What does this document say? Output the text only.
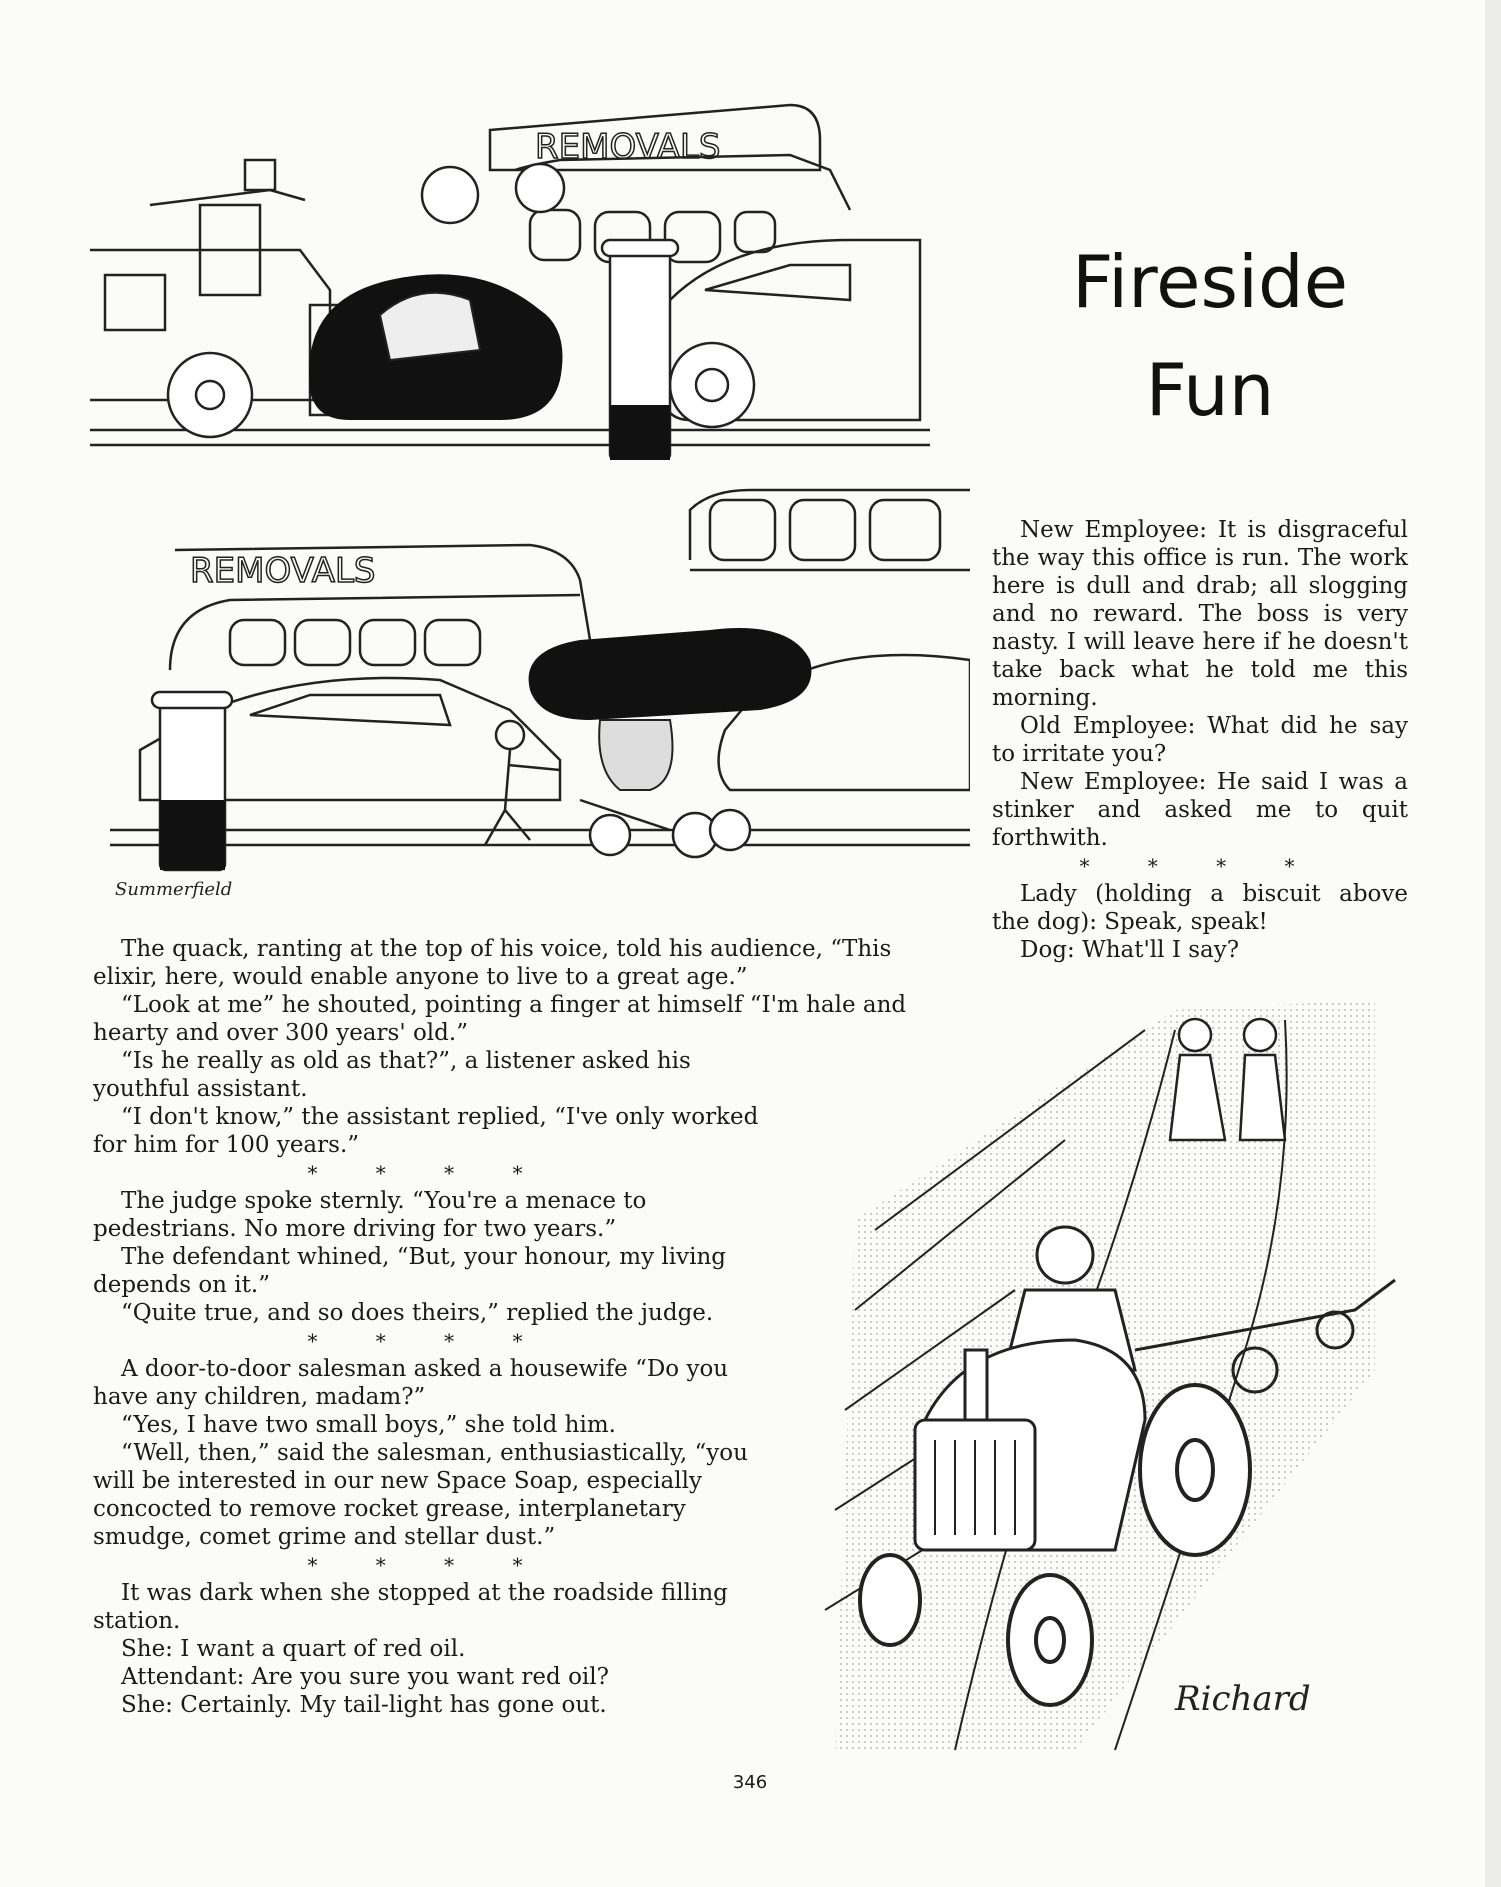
REMOVALS
REMOVALS
Summerfield
Fireside
Fun

New Employee: It is disgraceful the way this office is run. The work here is dull and drab; all slogging and no reward. The boss is very nasty. I will leave here if he doesn't take back what he told me this morning.

Old Employee: What did he say to irritate you?

New Employee: He said I was a stinker and asked me to quit forthwith.

* * * *

Lady (holding a biscuit above the dog): Speak, speak!

Dog: What'll I say?

The quack, ranting at the top of his voice, told his audience, “This elixir, here, would enable anyone to live to a great age.”

“Look at me” he shouted, pointing a finger at himself “I'm hale and hearty and over 300 years' old.”

“Is he really as old as that?”, a listener asked his youthful assistant.

“I don't know,” the assistant replied, “I've only worked for him for 100 years.”

* * * *

The judge spoke sternly. “You're a menace to pedestrians. No more driving for two years.”

The defendant whined, “But, your honour, my living depends on it.”

“Quite true, and so does theirs,” replied the judge.

* * * *

A door-to-door salesman asked a housewife “Do you have any children, madam?”

“Yes, I have two small boys,” she told him.

“Well, then,” said the salesman, enthusiastically, “you will be interested in our new Space Soap, especially concocted to remove rocket grease, interplanetary smudge, comet grime and stellar dust.”

* * * *

It was dark when she stopped at the roadside filling station.

She: I want a quart of red oil.

Attendant: Are you sure you want red oil?

She: Certainly. My tail-light has gone out.	Richard
346
